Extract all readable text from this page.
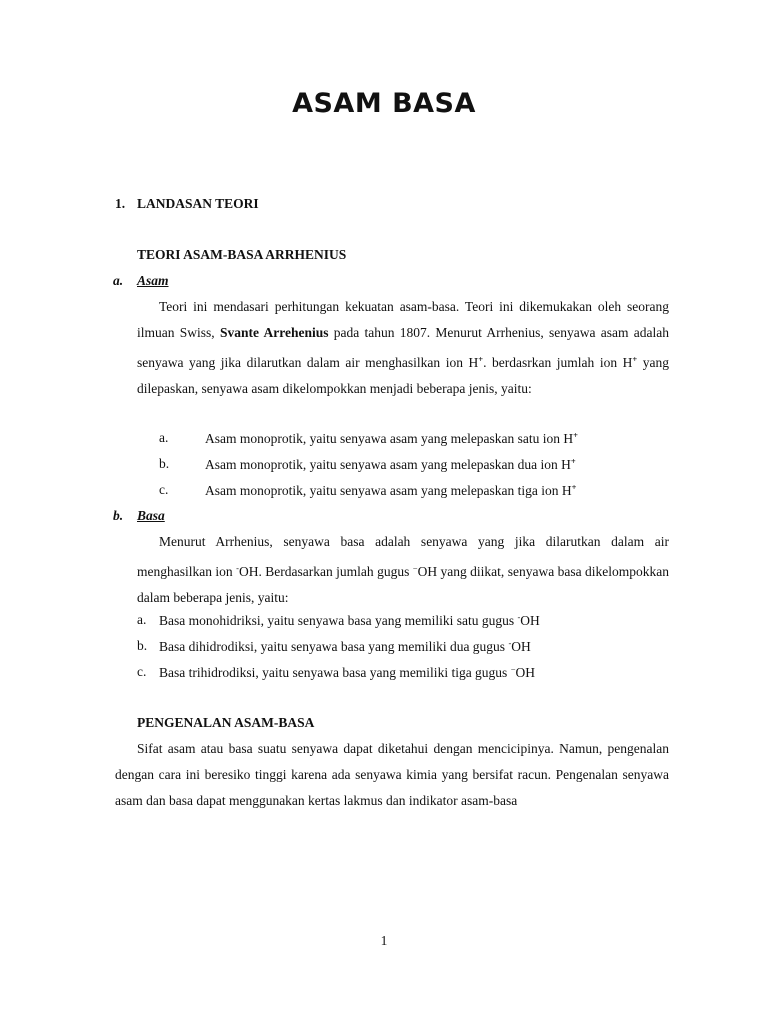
ASAM BASA
1. LANDASAN TEORI
TEORI ASAM-BASA ARRHENIUS
a. Asam
Teori ini mendasari perhitungan kekuatan asam-basa. Teori ini dikemukakan oleh seorang ilmuan Swiss, Svante Arrehenius pada tahun 1807. Menurut Arrhenius, senyawa asam adalah senyawa yang jika dilarutkan dalam air menghasilkan ion H+. berdasrkan jumlah ion H+ yang dilepaskan, senyawa asam dikelompokkan menjadi beberapa jenis, yaitu:
a.	Asam monoprotik, yaitu senyawa asam yang melepaskan satu ion H+
b.	Asam monoprotik, yaitu senyawa asam yang melepaskan dua ion H+
c.	Asam monoprotik, yaitu senyawa asam yang melepaskan tiga ion H+
b. Basa
Menurut Arrhenius, senyawa basa adalah senyawa yang jika dilarutkan dalam air menghasilkan ion -OH. Berdasarkan jumlah gugus −OH yang diikat, senyawa basa dikelompokkan dalam beberapa jenis, yaitu:
a. Basa monohidriksi, yaitu senyawa basa yang memiliki satu gugus -OH
b. Basa dihidrodiksi, yaitu senyawa basa yang memiliki dua gugus -OH
c. Basa trihidrodiksi, yaitu senyawa basa yang memiliki tiga gugus −OH
PENGENALAN ASAM-BASA
Sifat asam atau basa suatu senyawa dapat diketahui dengan mencicipinya. Namun, pengenalan dengan cara ini beresiko tinggi karena ada senyawa kimia yang bersifat racun. Pengenalan senyawa asam dan basa dapat menggunakan kertas lakmus dan indikator asam-basa
1
